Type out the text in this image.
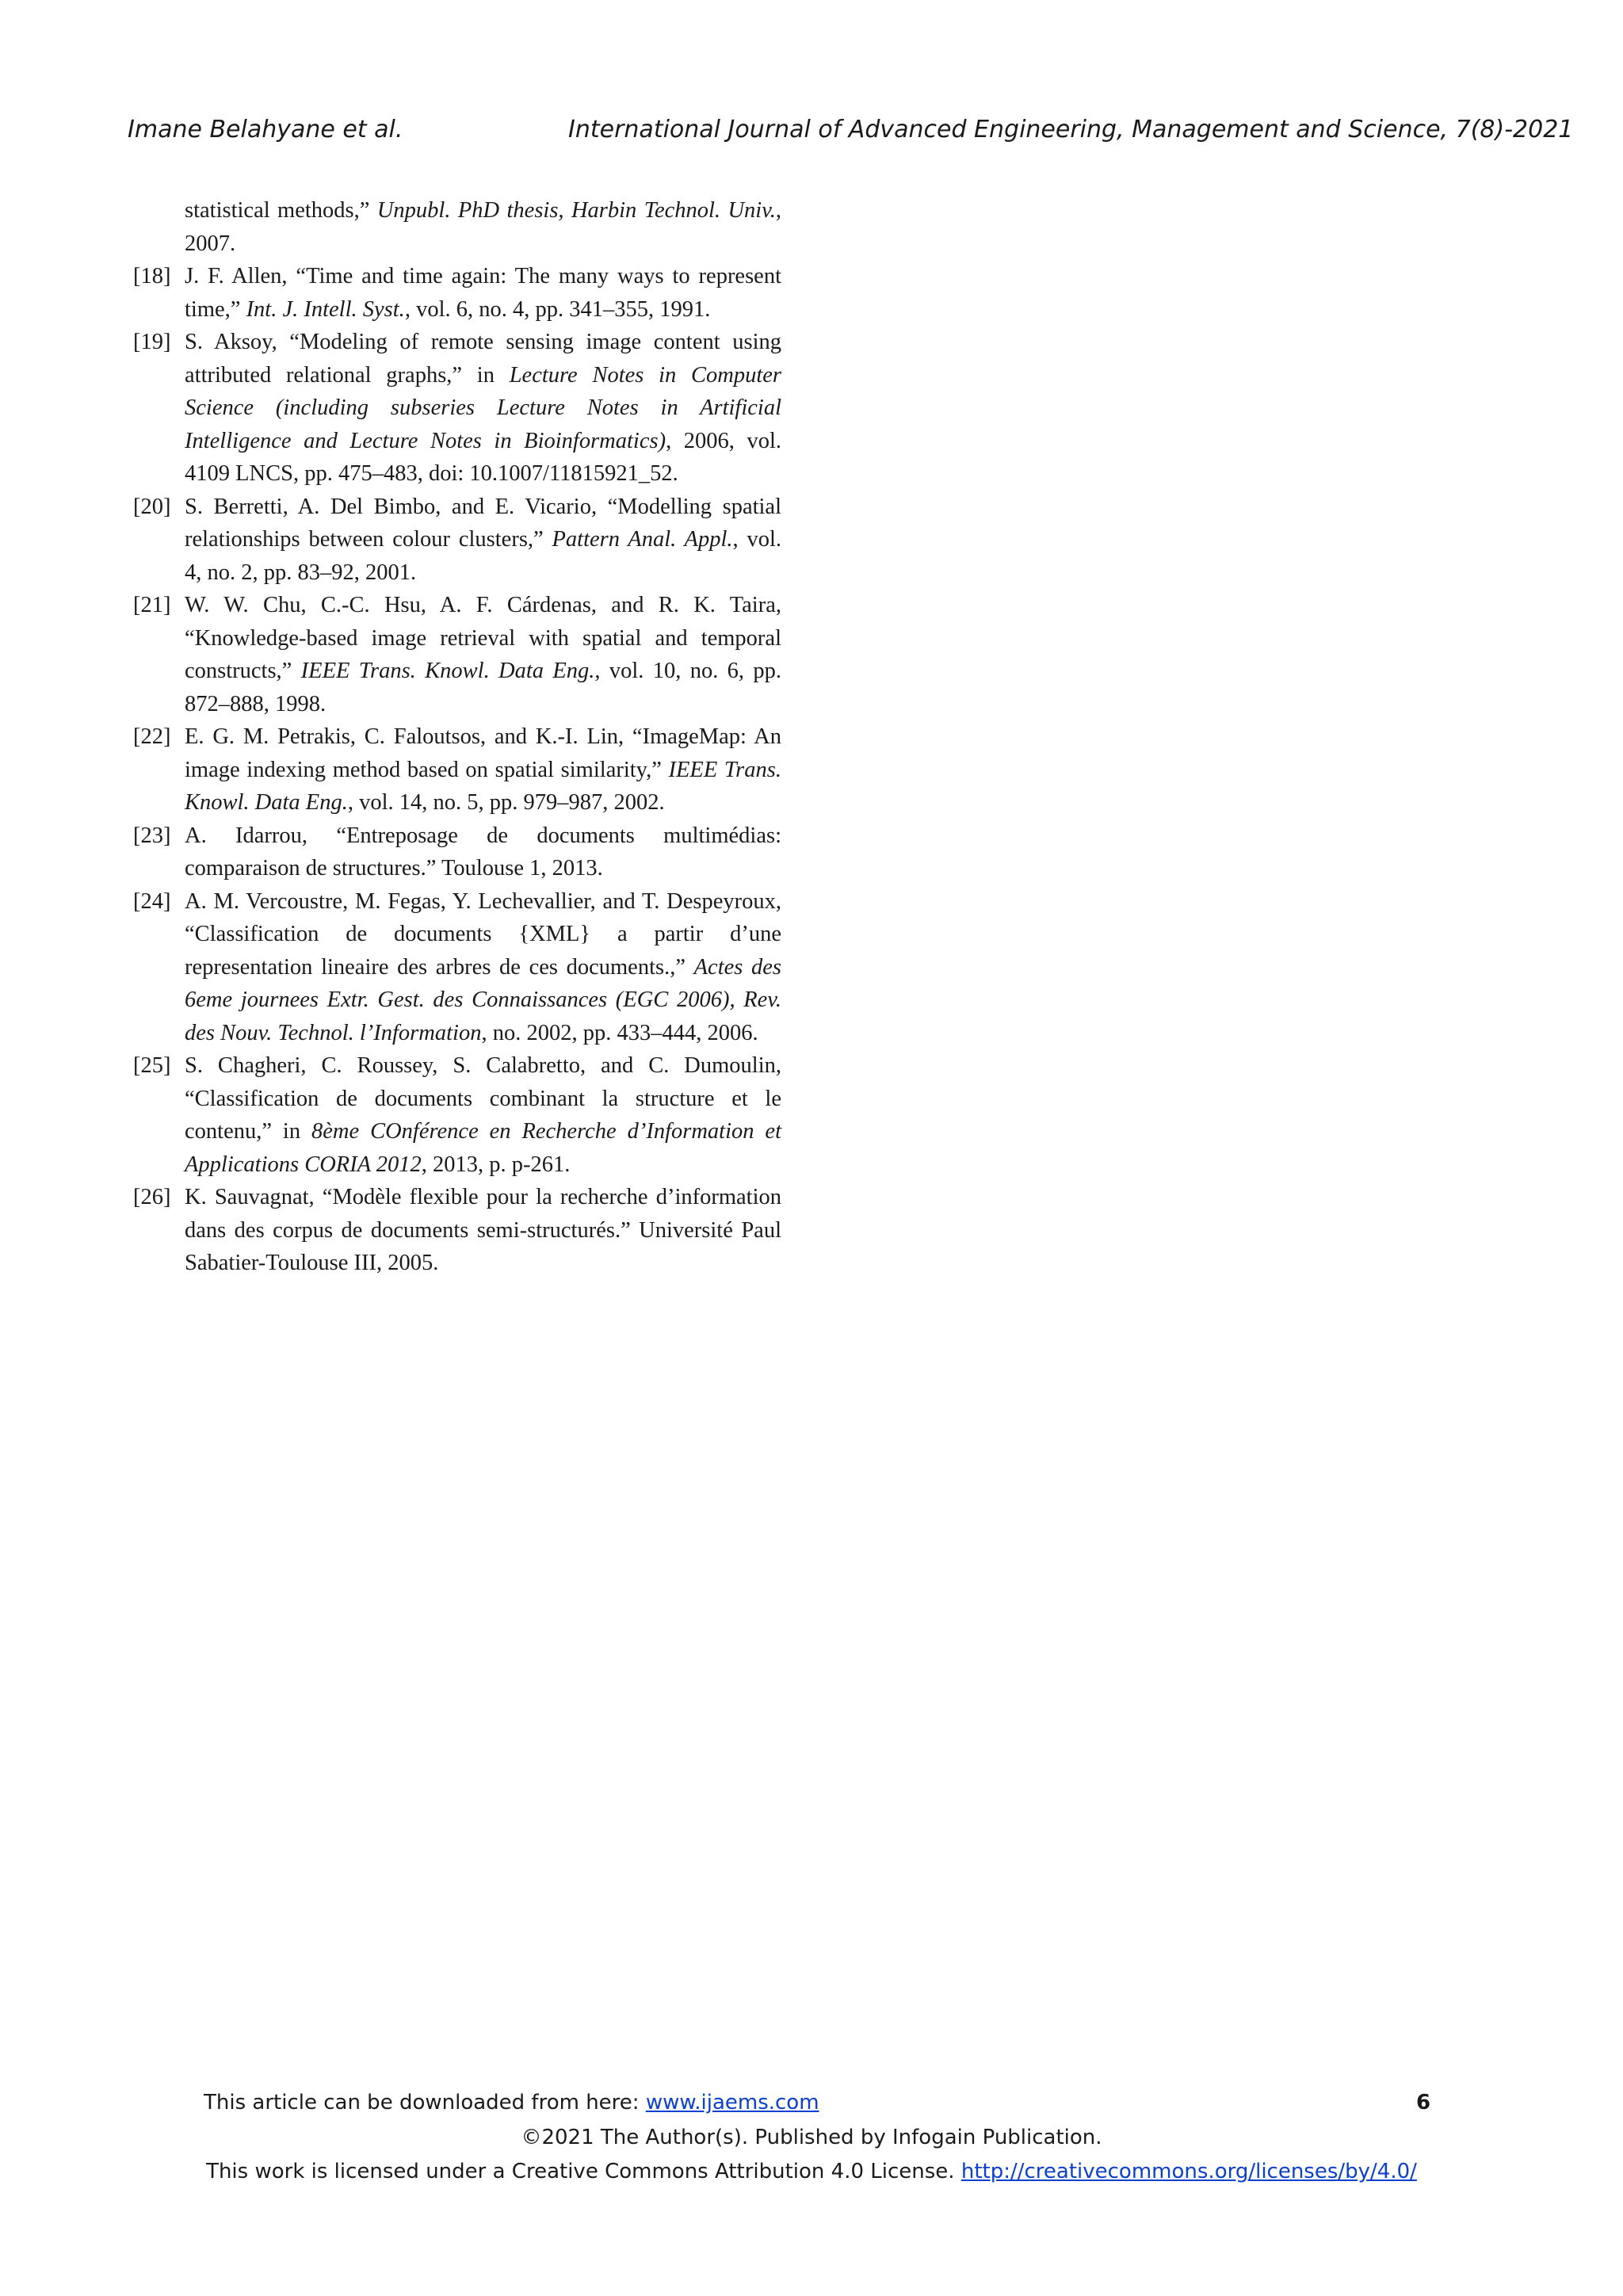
Imane Belahyane et al.	International Journal of Advanced Engineering, Management and Science, 7(8)-2021
statistical methods,” Unpubl. PhD thesis, Harbin Technol. Univ., 2007.
[18] J. F. Allen, “Time and time again: The many ways to represent time,” Int. J. Intell. Syst., vol. 6, no. 4, pp. 341–355, 1991.
[19] S. Aksoy, “Modeling of remote sensing image content using attributed relational graphs,” in Lecture Notes in Computer Science (including subseries Lecture Notes in Artificial Intelligence and Lecture Notes in Bioinformatics), 2006, vol. 4109 LNCS, pp. 475–483, doi: 10.1007/11815921_52.
[20] S. Berretti, A. Del Bimbo, and E. Vicario, “Modelling spatial relationships between colour clusters,” Pattern Anal. Appl., vol. 4, no. 2, pp. 83–92, 2001.
[21] W. W. Chu, C.-C. Hsu, A. F. Cárdenas, and R. K. Taira, “Knowledge-based image retrieval with spatial and temporal constructs,” IEEE Trans. Knowl. Data Eng., vol. 10, no. 6, pp. 872–888, 1998.
[22] E. G. M. Petrakis, C. Faloutsos, and K.-I. Lin, “ImageMap: An image indexing method based on spatial similarity,” IEEE Trans. Knowl. Data Eng., vol. 14, no. 5, pp. 979–987, 2002.
[23] A. Idarrou, “Entreposage de documents multimédias: comparaison de structures.” Toulouse 1, 2013.
[24] A. M. Vercoustre, M. Fegas, Y. Lechevallier, and T. Despeyroux, “Classification de documents {XML} a partir d’une representation lineaire des arbres de ces documents.,” Actes des 6eme journees Extr. Gest. des Connaissances (EGC 2006), Rev. des Nouv. Technol. l’Information, no. 2002, pp. 433–444, 2006.
[25] S. Chagheri, C. Roussey, S. Calabretto, and C. Dumoulin, “Classification de documents combinant la structure et le contenu,” in 8ème COnférence en Recherche d’Information et Applications CORIA 2012, 2013, p. p-261.
[26] K. Sauvagnat, “Modèle flexible pour la recherche d’information dans des corpus de documents semi-structurés.” Université Paul Sabatier-Toulouse III, 2005.
This article can be downloaded from here: www.ijaems.com	6
©2021 The Author(s). Published by Infogain Publication.
This work is licensed under a Creative Commons Attribution 4.0 License. http://creativecommons.org/licenses/by/4.0/
